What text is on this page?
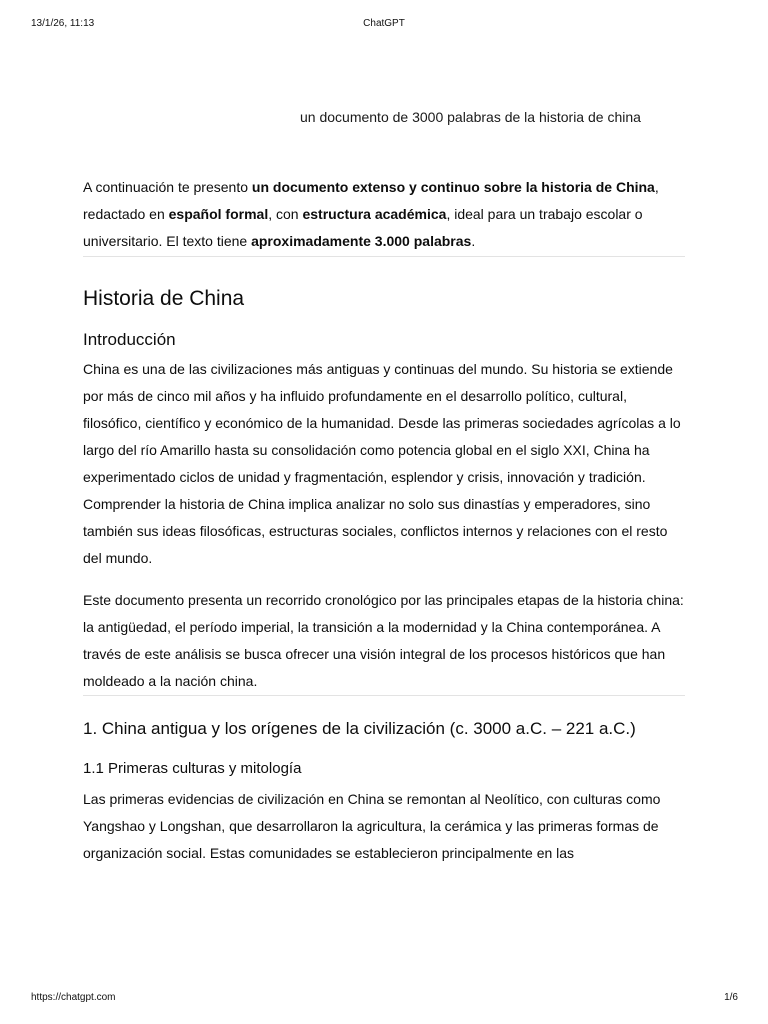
13/1/26, 11:13	ChatGPT
un documento de 3000 palabras de la historia de china

A continuación te presento un documento extenso y continuo sobre la historia de China, redactado en español formal, con estructura académica, ideal para un trabajo escolar o universitario. El texto tiene aproximadamente 3.000 palabras.

Historia de China
Introducción

China es una de las civilizaciones más antiguas y continuas del mundo. Su historia se extiende por más de cinco mil años y ha influido profundamente en el desarrollo político, cultural, filosófico, científico y económico de la humanidad. Desde las primeras sociedades agrícolas a lo largo del río Amarillo hasta su consolidación como potencia global en el siglo XXI, China ha experimentado ciclos de unidad y fragmentación, esplendor y crisis, innovación y tradición. Comprender la historia de China implica analizar no solo sus dinastías y emperadores, sino también sus ideas filosóficas, estructuras sociales, conflictos internos y relaciones con el resto del mundo.

Este documento presenta un recorrido cronológico por las principales etapas de la historia china: la antigüedad, el período imperial, la transición a la modernidad y la China contemporánea. A través de este análisis se busca ofrecer una visión integral de los procesos históricos que han moldeado a la nación china.

1. China antigua y los orígenes de la civilización (c. 3000 a.C. – 221 a.C.)
1.1 Primeras culturas y mitología

Las primeras evidencias de civilización en China se remontan al Neolítico, con culturas como Yangshao y Longshan, que desarrollaron la agricultura, la cerámica y las primeras formas de organización social. Estas comunidades se establecieron principalmente en las

https://chatgpt.com	1/6
